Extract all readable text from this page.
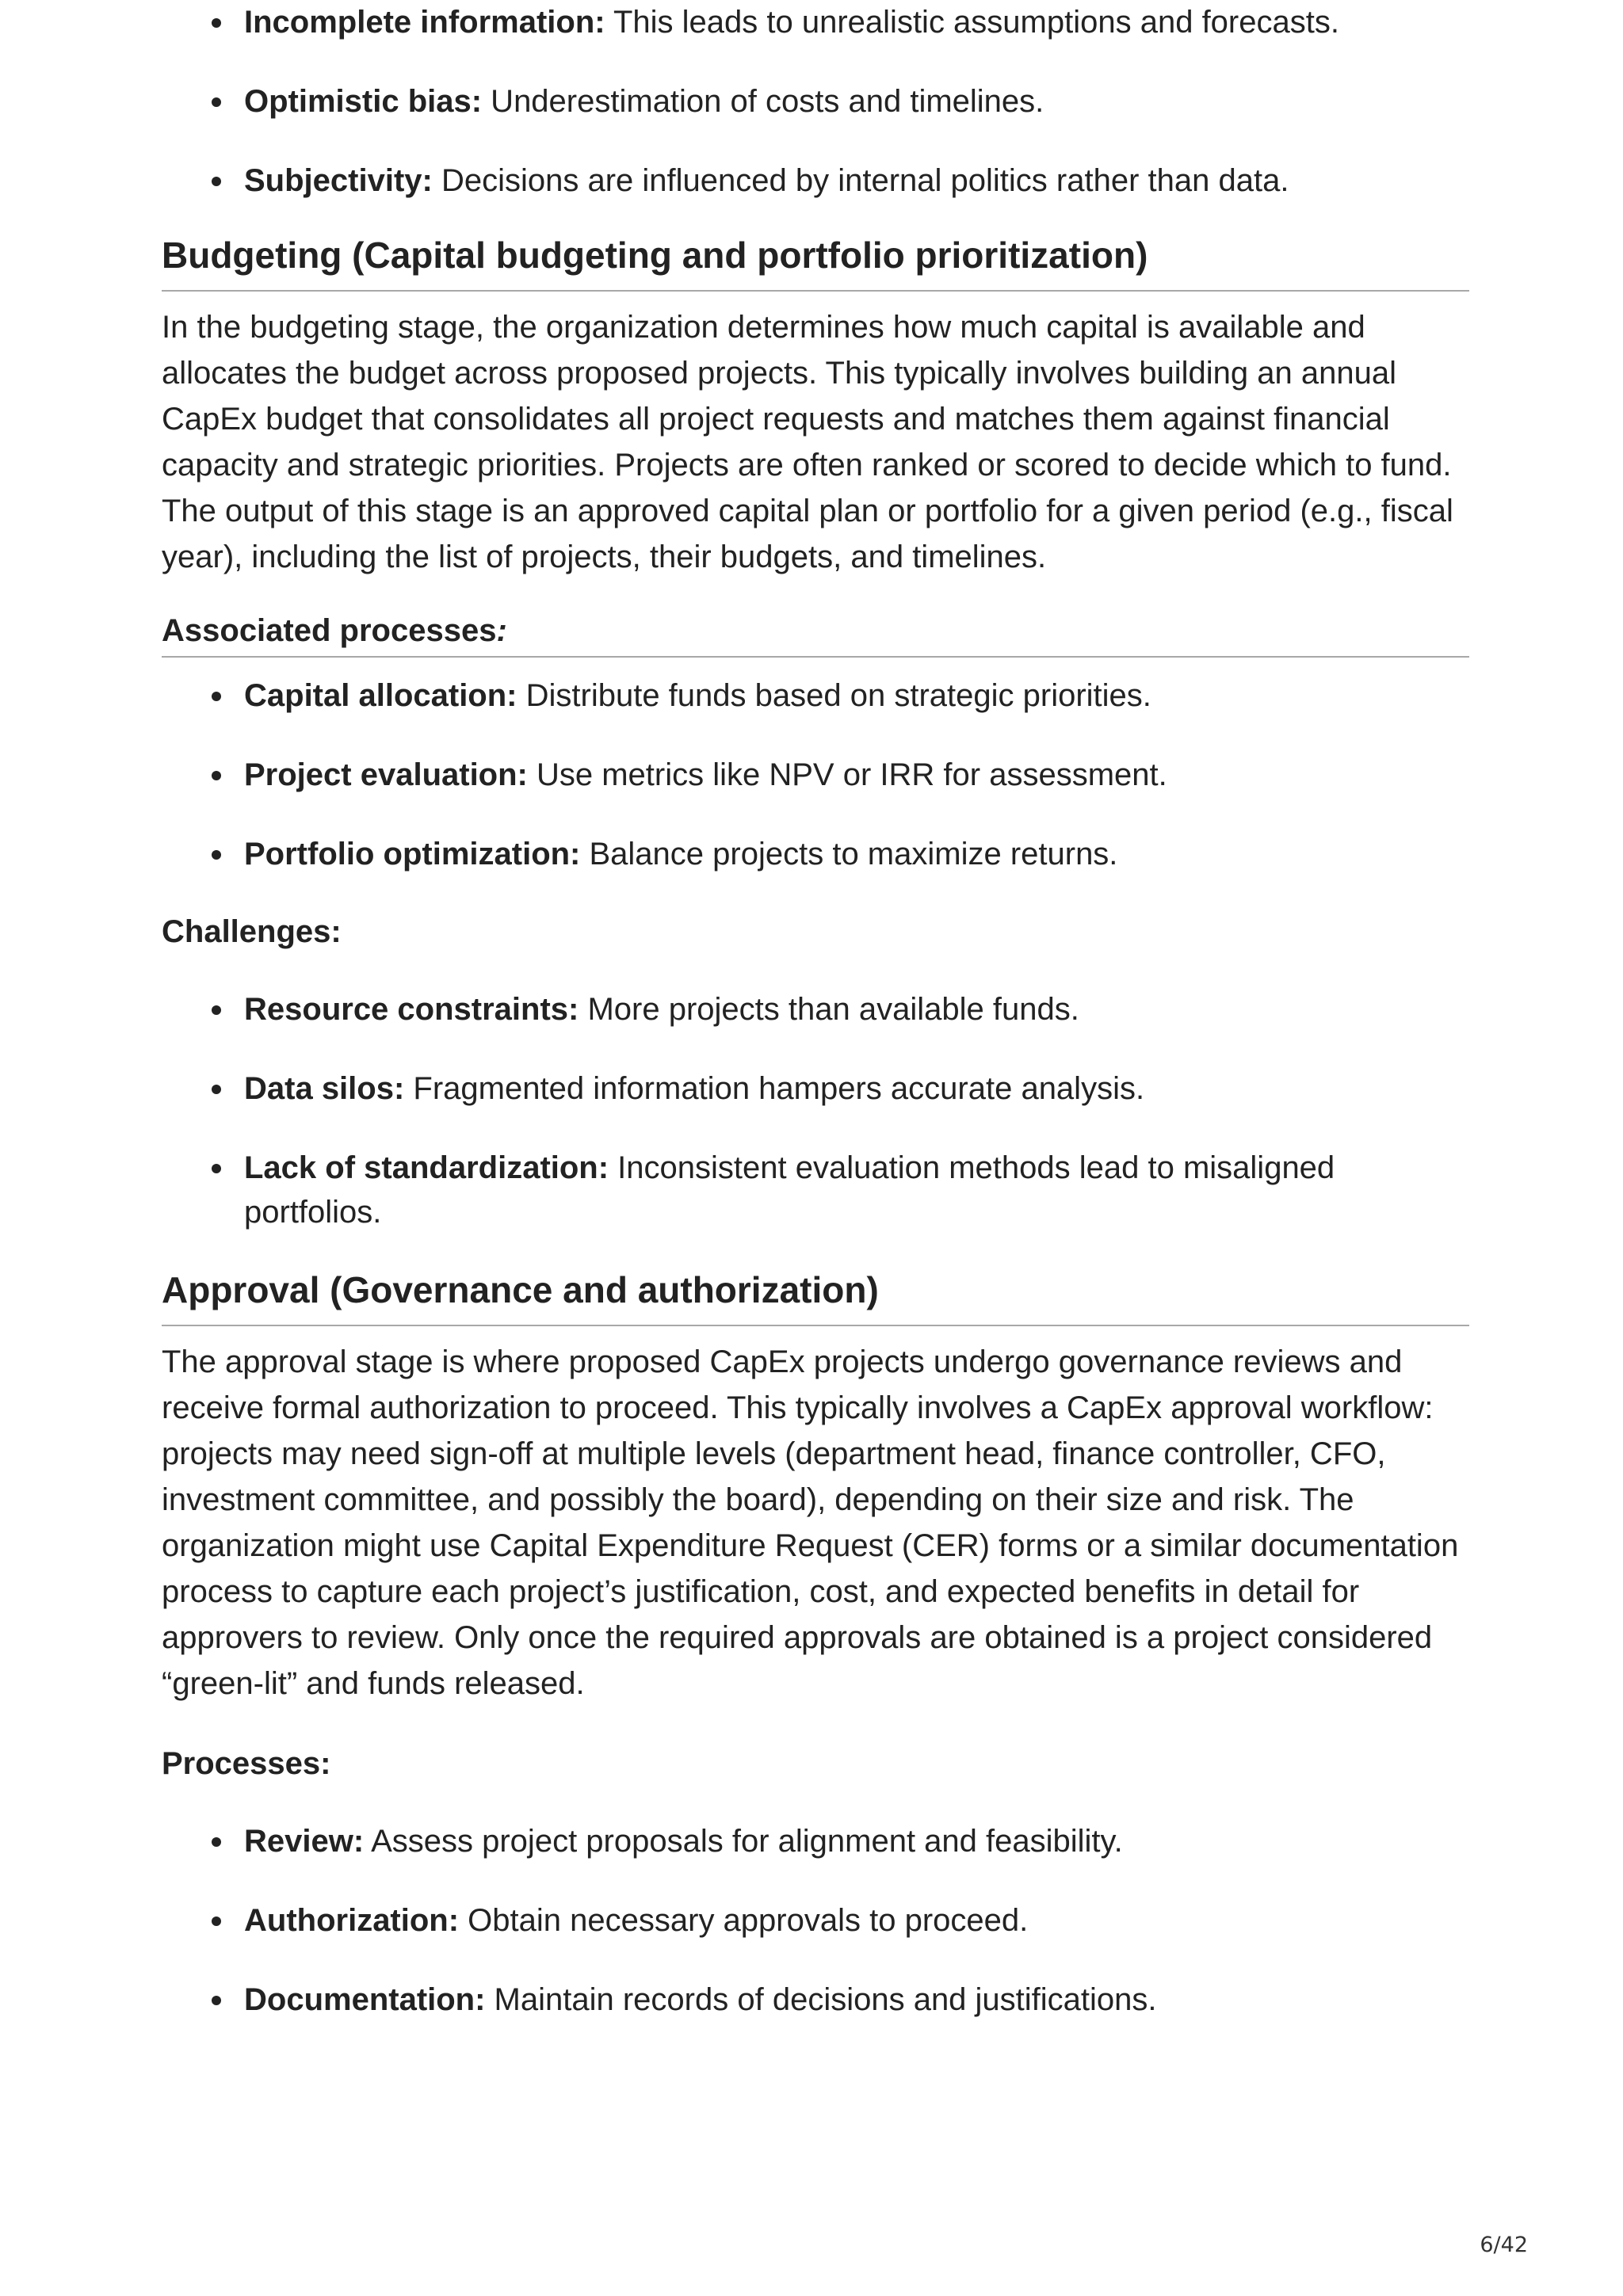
Incomplete information: This leads to unrealistic assumptions and forecasts.
Optimistic bias: Underestimation of costs and timelines.
Subjectivity: Decisions are influenced by internal politics rather than data.
Budgeting (Capital budgeting and portfolio prioritization)

In the budgeting stage, the organization determines how much capital is available and allocates the budget across proposed projects. This typically involves building an annual CapEx budget that consolidates all project requests and matches them against financial capacity and strategic priorities. Projects are often ranked or scored to decide which to fund. The output of this stage is an approved capital plan or portfolio for a given period (e.g., fiscal year), including the list of projects, their budgets, and timelines.

Associated processes:
Capital allocation: Distribute funds based on strategic priorities.
Project evaluation: Use metrics like NPV or IRR for assessment.
Portfolio optimization: Balance projects to maximize returns.
Challenges:
Resource constraints: More projects than available funds.
Data silos: Fragmented information hampers accurate analysis.
Lack of standardization: Inconsistent evaluation methods lead to misaligned portfolios.
Approval (Governance and authorization)

The approval stage is where proposed CapEx projects undergo governance reviews and receive formal authorization to proceed. This typically involves a CapEx approval workflow: projects may need sign-off at multiple levels (department head, finance controller, CFO, investment committee, and possibly the board), depending on their size and risk. The organization might use Capital Expenditure Request (CER) forms or a similar documentation process to capture each project’s justification, cost, and expected benefits in detail for approvers to review. Only once the required approvals are obtained is a project considered “green-lit” and funds released.

Processes:
Review: Assess project proposals for alignment and feasibility.
Authorization: Obtain necessary approvals to proceed.
Documentation: Maintain records of decisions and justifications.
6/42
